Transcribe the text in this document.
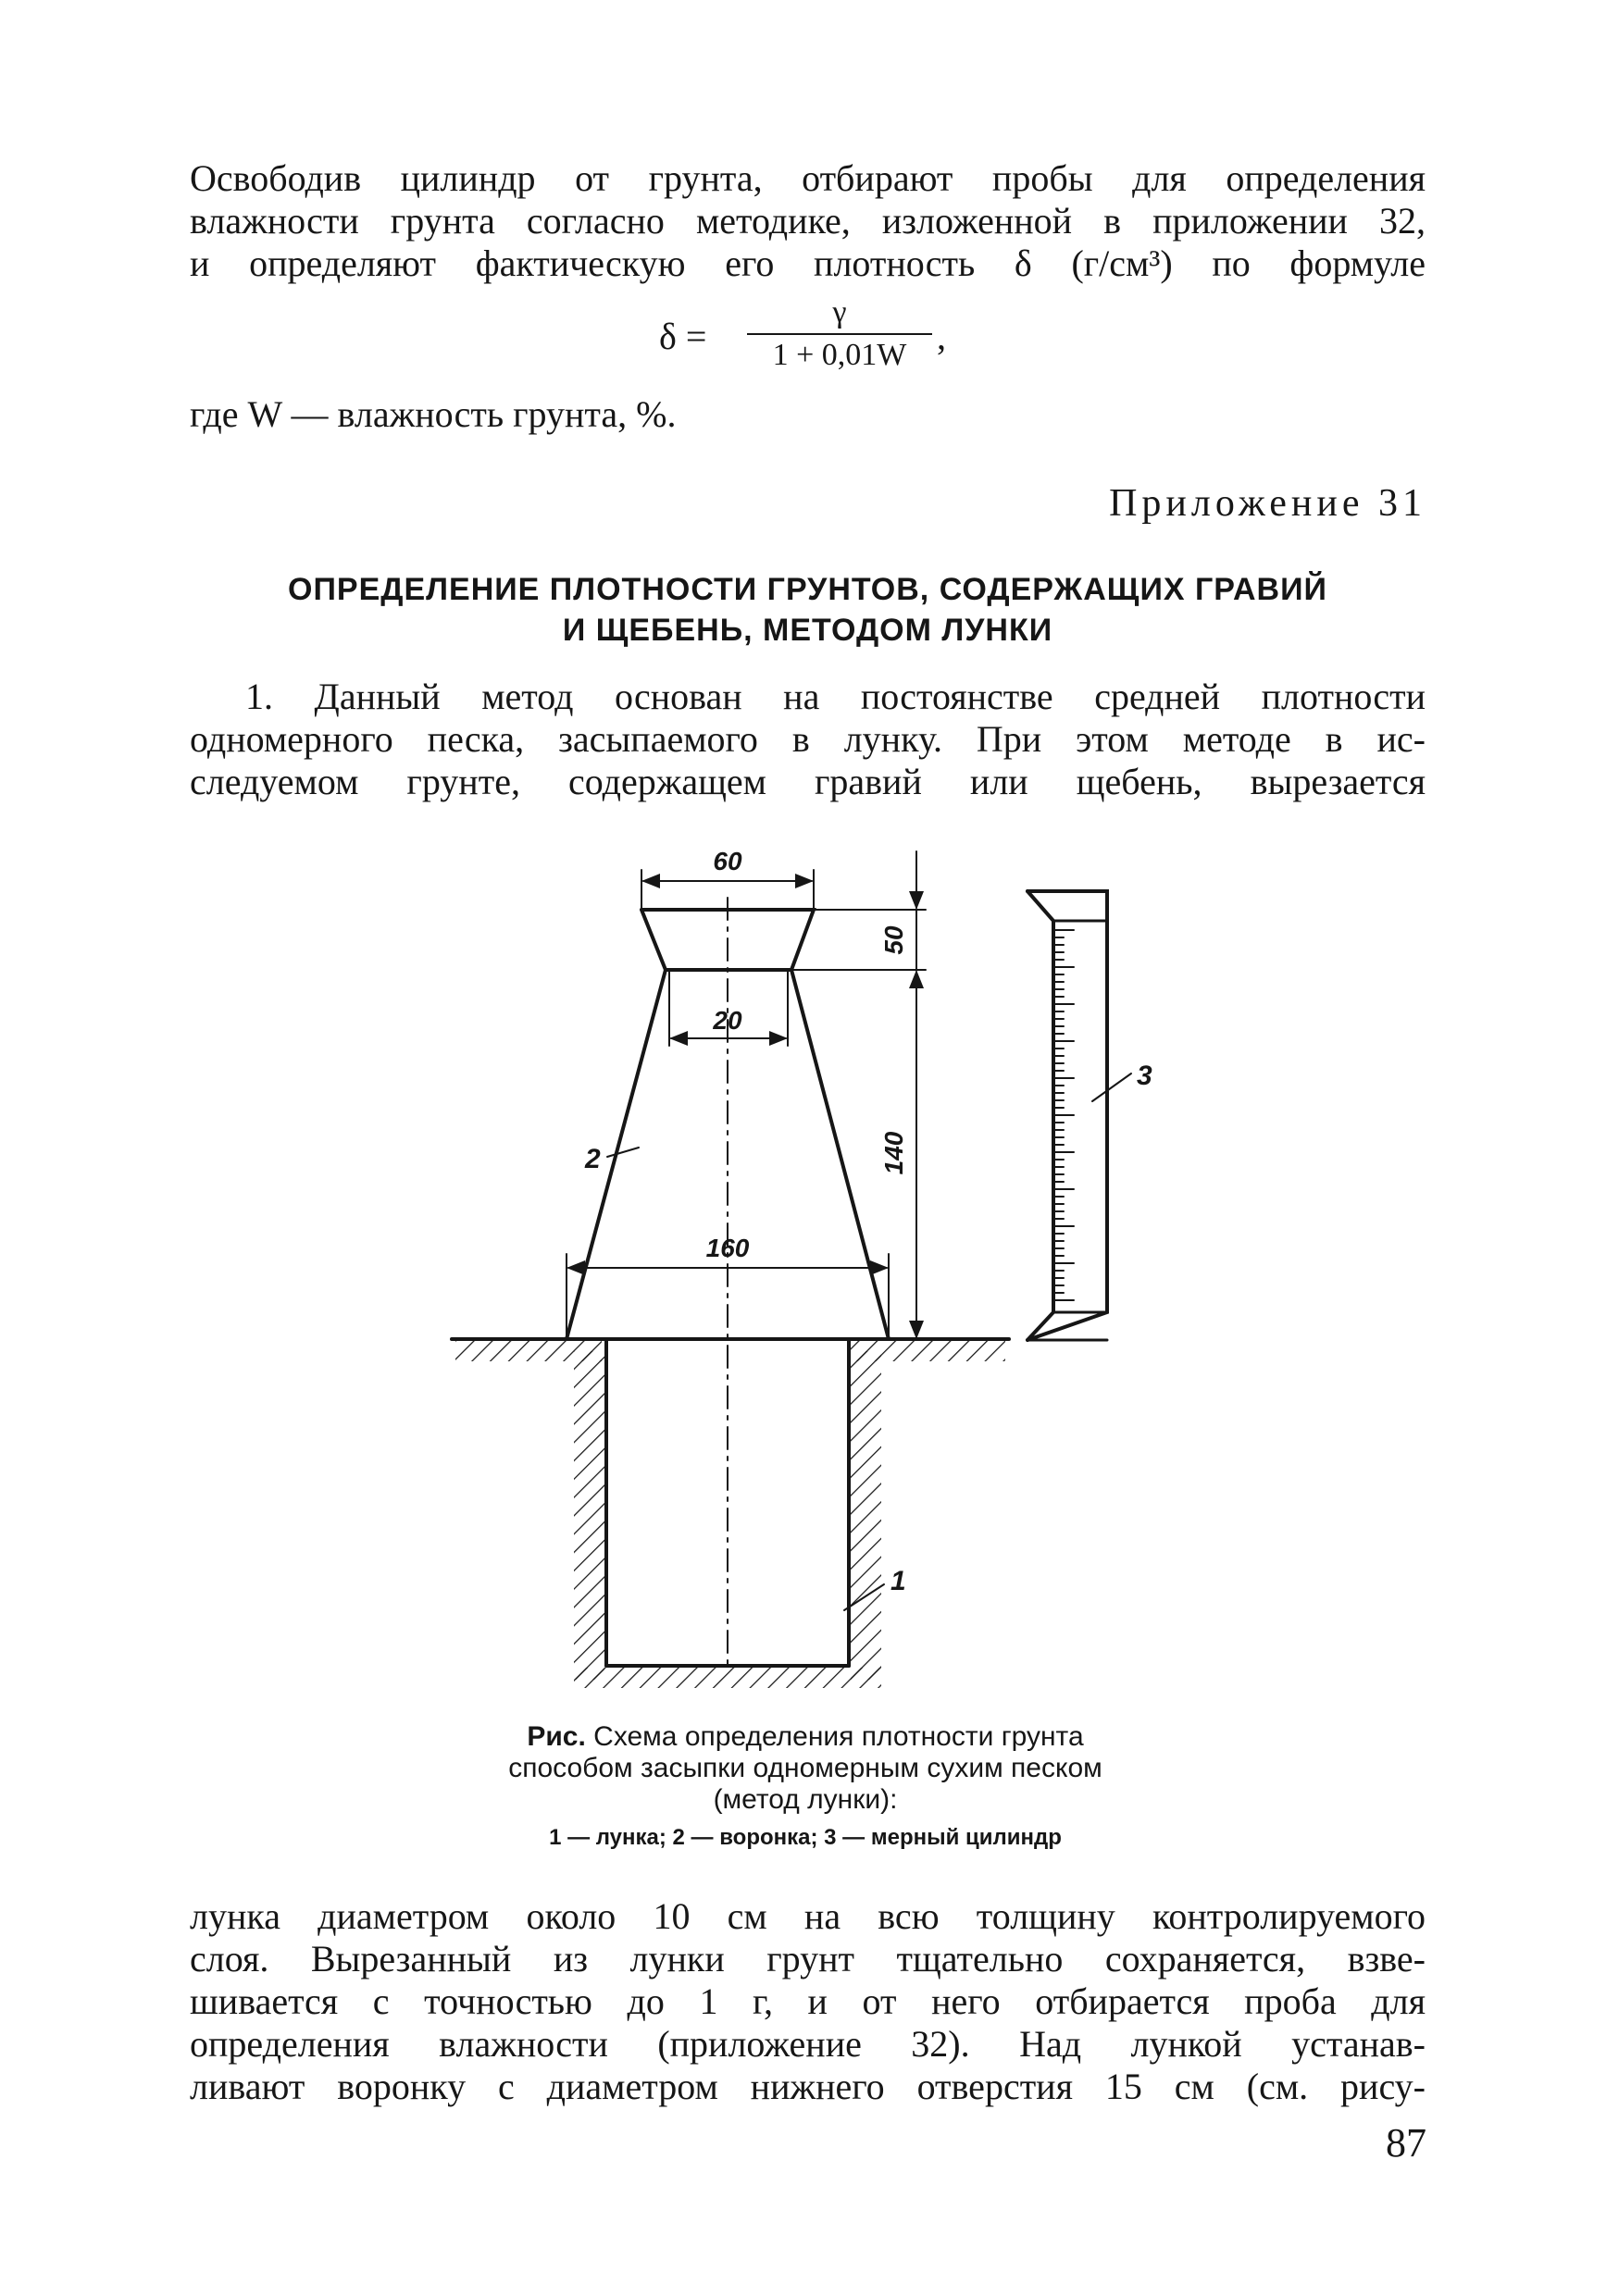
Освободив цилиндр от грунта, отбирают пробы для определения
влажности грунта согласно методике, изложенной в приложении 32,
и определяют фактическую его плотность δ (г/см³) по формуле
δ =
γ
1 + 0,01W ,
где W — влажность грунта, %.
Приложение 31
ОПРЕДЕЛЕНИЕ ПЛОТНОСТИ ГРУНТОВ, СОДЕРЖАЩИХ ГРАВИЙ
И ЩЕБЕНЬ, МЕТОДОМ ЛУНКИ
1. Данный метод основан на постоянстве средней плотности
одномерного песка, засыпаемого в лунку. При этом методе в ис-
следуемом грунте, содержащем гравий или щебень, вырезается
60
20
160
50
140
2
3
1
Рис. Схема определения плотности грунта
способом засыпки одномерным сухим песком
(метод лунки):
1 — лунка; 2 — воронка; 3 — мерный цилиндр
лунка диаметром около 10 см на всю толщину контролируемого
слоя. Вырезанный из лунки грунт тщательно сохраняется, взве-
шивается с точностью до 1 г, и от него отбирается проба для
определения влажности (приложение 32). Над лункой устанав-
ливают воронку с диаметром нижнего отверстия 15 см (см. рису-
87
